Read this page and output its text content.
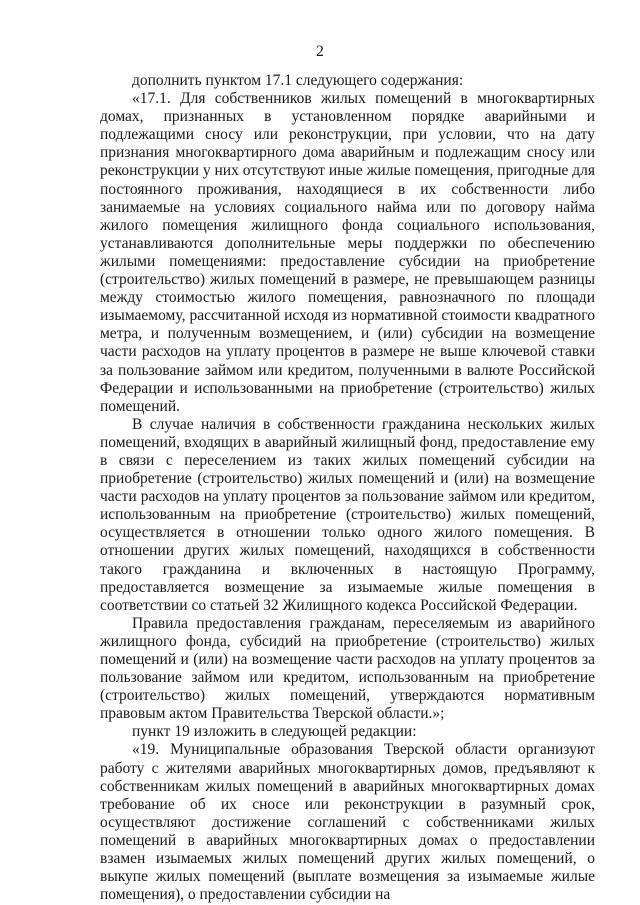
2

дополнить пунктом 17.1 следующего содержания:

«17.1. Для собственников жилых помещений в многоквартирных домах, признанных в установленном порядке аварийными и подлежащими сносу или реконструкции, при условии, что на дату признания многоквартирного дома аварийным и подлежащим сносу или реконструкции у них отсутствуют иные жилые помещения, пригодные для постоянного проживания, находящиеся в их собственности либо занимаемые на условиях социального найма или по договору найма жилого помещения жилищного фонда социального использования, устанавливаются дополнительные меры поддержки по обеспечению жилыми помещениями: предоставление субсидии на приобретение (строительство) жилых помещений в размере, не превышающем разницы между стоимостью жилого помещения, равнозначного по площади изымаемому, рассчитанной исходя из нормативной стоимости квадратного метра, и полученным возмещением, и (или) субсидии на возмещение части расходов на уплату процентов в размере не выше ключевой ставки за пользование займом или кредитом, полученными в валюте Российской Федерации и использованными на приобретение (строительство) жилых помещений.

В случае наличия в собственности гражданина нескольких жилых помещений, входящих в аварийный жилищный фонд, предоставление ему в связи с переселением из таких жилых помещений субсидии на приобретение (строительство) жилых помещений и (или) на возмещение части расходов на уплату процентов за пользование займом или кредитом, использованным на приобретение (строительство) жилых помещений, осуществляется в отношении только одного жилого помещения. В отношении других жилых помещений, находящихся в собственности такого гражданина и включенных в настоящую Программу, предоставляется возмещение за изымаемые жилые помещения в соответствии со статьей 32 Жилищного кодекса Российской Федерации.

Правила предоставления гражданам, переселяемым из аварийного жилищного фонда, субсидий на приобретение (строительство) жилых помещений и (или) на возмещение части расходов на уплату процентов за пользование займом или кредитом, использованным на приобретение (строительство) жилых помещений, утверждаются нормативным правовым актом Правительства Тверской области.»;

пункт 19 изложить в следующей редакции:

«19. Муниципальные образования Тверской области организуют работу с жителями аварийных многоквартирных домов, предъявляют к собственникам жилых помещений в аварийных многоквартирных домах требование об их сносе или реконструкции в разумный срок, осуществляют достижение соглашений с собственниками жилых помещений в аварийных многоквартирных домах о предоставлении взамен изымаемых жилых помещений других жилых помещений, о выкупе жилых помещений (выплате возмещения за изымаемые жилые помещения), о предоставлении субсидии на
